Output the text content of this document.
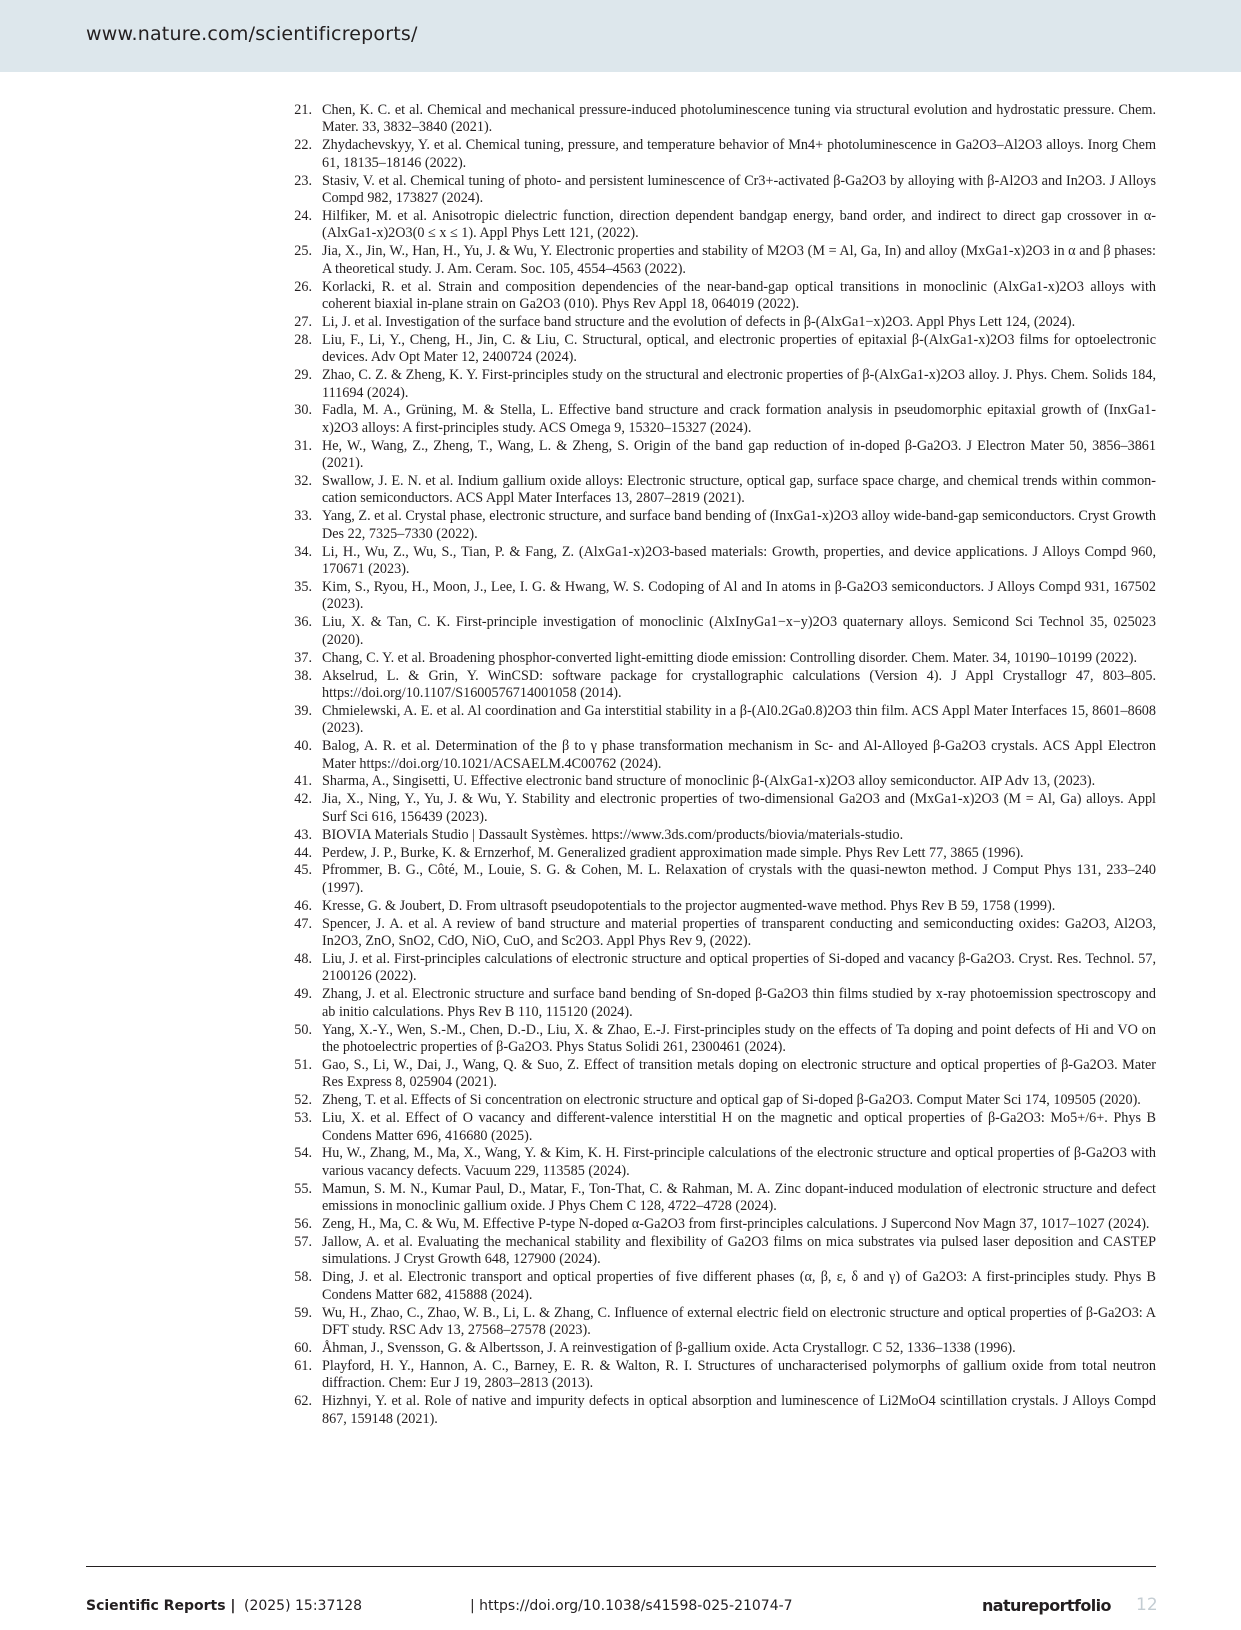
www.nature.com/scientificreports/
21. Chen, K. C. et al. Chemical and mechanical pressure-induced photoluminescence tuning via structural evolution and hydrostatic pressure. Chem. Mater. 33, 3832–3840 (2021).
22. Zhydachevskyy, Y. et al. Chemical tuning, pressure, and temperature behavior of Mn4+ photoluminescence in Ga2O3–Al2O3 alloys. Inorg Chem 61, 18135–18146 (2022).
23. Stasiv, V. et al. Chemical tuning of photo- and persistent luminescence of Cr3+-activated β-Ga2O3 by alloying with β-Al2O3 and In2O3. J Alloys Compd 982, 173827 (2024).
24. Hilfiker, M. et al. Anisotropic dielectric function, direction dependent bandgap energy, band order, and indirect to direct gap crossover in α-(AlxGa1-x)2O3(0 ≤ x ≤ 1). Appl Phys Lett 121, (2022).
25. Jia, X., Jin, W., Han, H., Yu, J. & Wu, Y. Electronic properties and stability of M2O3 (M = Al, Ga, In) and alloy (MxGa1-x)2O3 in α and β phases: A theoretical study. J. Am. Ceram. Soc. 105, 4554–4563 (2022).
26. Korlacki, R. et al. Strain and composition dependencies of the near-band-gap optical transitions in monoclinic (AlxGa1-x)2O3 alloys with coherent biaxial in-plane strain on Ga2O3 (010). Phys Rev Appl 18, 064019 (2022).
27. Li, J. et al. Investigation of the surface band structure and the evolution of defects in β-(AlxGa1−x)2O3. Appl Phys Lett 124, (2024).
28. Liu, F., Li, Y., Cheng, H., Jin, C. & Liu, C. Structural, optical, and electronic properties of epitaxial β-(AlxGa1-x)2O3 films for optoelectronic devices. Adv Opt Mater 12, 2400724 (2024).
29. Zhao, C. Z. & Zheng, K. Y. First-principles study on the structural and electronic properties of β-(AlxGa1-x)2O3 alloy. J. Phys. Chem. Solids 184, 111694 (2024).
30. Fadla, M. A., Grüning, M. & Stella, L. Effective band structure and crack formation analysis in pseudomorphic epitaxial growth of (InxGa1-x)2O3 alloys: A first-principles study. ACS Omega 9, 15320–15327 (2024).
31. He, W., Wang, Z., Zheng, T., Wang, L. & Zheng, S. Origin of the band gap reduction of in-doped β-Ga2O3. J Electron Mater 50, 3856–3861 (2021).
32. Swallow, J. E. N. et al. Indium gallium oxide alloys: Electronic structure, optical gap, surface space charge, and chemical trends within common-cation semiconductors. ACS Appl Mater Interfaces 13, 2807–2819 (2021).
33. Yang, Z. et al. Crystal phase, electronic structure, and surface band bending of (InxGa1-x)2O3 alloy wide-band-gap semiconductors. Cryst Growth Des 22, 7325–7330 (2022).
34. Li, H., Wu, Z., Wu, S., Tian, P. & Fang, Z. (AlxGa1-x)2O3-based materials: Growth, properties, and device applications. J Alloys Compd 960, 170671 (2023).
35. Kim, S., Ryou, H., Moon, J., Lee, I. G. & Hwang, W. S. Codoping of Al and In atoms in β-Ga2O3 semiconductors. J Alloys Compd 931, 167502 (2023).
36. Liu, X. & Tan, C. K. First-principle investigation of monoclinic (AlxInyGa1−x−y)2O3 quaternary alloys. Semicond Sci Technol 35, 025023 (2020).
37. Chang, C. Y. et al. Broadening phosphor-converted light-emitting diode emission: Controlling disorder. Chem. Mater. 34, 10190–10199 (2022).
38. Akselrud, L. & Grin, Y. WinCSD: software package for crystallographic calculations (Version 4). J Appl Crystallogr 47, 803–805. https://doi.org/10.1107/S1600576714001058 (2014).
39. Chmielewski, A. E. et al. Al coordination and Ga interstitial stability in a β-(Al0.2Ga0.8)2O3 thin film. ACS Appl Mater Interfaces 15, 8601–8608 (2023).
40. Balog, A. R. et al. Determination of the β to γ phase transformation mechanism in Sc- and Al-Alloyed β-Ga2O3 crystals. ACS Appl Electron Mater https://doi.org/10.1021/ACSAELM.4C00762 (2024).
41. Sharma, A., Singisetti, U. Effective electronic band structure of monoclinic β-(AlxGa1-x)2O3 alloy semiconductor. AIP Adv 13, (2023).
42. Jia, X., Ning, Y., Yu, J. & Wu, Y. Stability and electronic properties of two-dimensional Ga2O3 and (MxGa1-x)2O3 (M = Al, Ga) alloys. Appl Surf Sci 616, 156439 (2023).
43. BIOVIA Materials Studio | Dassault Systèmes. https://www.3ds.com/products/biovia/materials-studio.
44. Perdew, J. P., Burke, K. & Ernzerhof, M. Generalized gradient approximation made simple. Phys Rev Lett 77, 3865 (1996).
45. Pfrommer, B. G., Côté, M., Louie, S. G. & Cohen, M. L. Relaxation of crystals with the quasi-newton method. J Comput Phys 131, 233–240 (1997).
46. Kresse, G. & Joubert, D. From ultrasoft pseudopotentials to the projector augmented-wave method. Phys Rev B 59, 1758 (1999).
47. Spencer, J. A. et al. A review of band structure and material properties of transparent conducting and semiconducting oxides: Ga2O3, Al2O3, In2O3, ZnO, SnO2, CdO, NiO, CuO, and Sc2O3. Appl Phys Rev 9, (2022).
48. Liu, J. et al. First-principles calculations of electronic structure and optical properties of Si-doped and vacancy β-Ga2O3. Cryst. Res. Technol. 57, 2100126 (2022).
49. Zhang, J. et al. Electronic structure and surface band bending of Sn-doped β-Ga2O3 thin films studied by x-ray photoemission spectroscopy and ab initio calculations. Phys Rev B 110, 115120 (2024).
50. Yang, X.-Y., Wen, S.-M., Chen, D.-D., Liu, X. & Zhao, E.-J. First-principles study on the effects of Ta doping and point defects of Hi and VO on the photoelectric properties of β-Ga2O3. Phys Status Solidi 261, 2300461 (2024).
51. Gao, S., Li, W., Dai, J., Wang, Q. & Suo, Z. Effect of transition metals doping on electronic structure and optical properties of β-Ga2O3. Mater Res Express 8, 025904 (2021).
52. Zheng, T. et al. Effects of Si concentration on electronic structure and optical gap of Si-doped β-Ga2O3. Comput Mater Sci 174, 109505 (2020).
53. Liu, X. et al. Effect of O vacancy and different-valence interstitial H on the magnetic and optical properties of β-Ga2O3: Mo5+/6+. Phys B Condens Matter 696, 416680 (2025).
54. Hu, W., Zhang, M., Ma, X., Wang, Y. & Kim, K. H. First-principle calculations of the electronic structure and optical properties of β-Ga2O3 with various vacancy defects. Vacuum 229, 113585 (2024).
55. Mamun, S. M. N., Kumar Paul, D., Matar, F., Ton-That, C. & Rahman, M. A. Zinc dopant-induced modulation of electronic structure and defect emissions in monoclinic gallium oxide. J Phys Chem C 128, 4722–4728 (2024).
56. Zeng, H., Ma, C. & Wu, M. Effective P-type N-doped α-Ga2O3 from first-principles calculations. J Supercond Nov Magn 37, 1017–1027 (2024).
57. Jallow, A. et al. Evaluating the mechanical stability and flexibility of Ga2O3 films on mica substrates via pulsed laser deposition and CASTEP simulations. J Cryst Growth 648, 127900 (2024).
58. Ding, J. et al. Electronic transport and optical properties of five different phases (α, β, ε, δ and γ) of Ga2O3: A first-principles study. Phys B Condens Matter 682, 415888 (2024).
59. Wu, H., Zhao, C., Zhao, W. B., Li, L. & Zhang, C. Influence of external electric field on electronic structure and optical properties of β-Ga2O3: A DFT study. RSC Adv 13, 27568–27578 (2023).
60. Åhman, J., Svensson, G. & Albertsson, J. A reinvestigation of β-gallium oxide. Acta Crystallogr. C 52, 1336–1338 (1996).
61. Playford, H. Y., Hannon, A. C., Barney, E. R. & Walton, R. I. Structures of uncharacterised polymorphs of gallium oxide from total neutron diffraction. Chem: Eur J 19, 2803–2813 (2013).
62. Hizhnyi, Y. et al. Role of native and impurity defects in optical absorption and luminescence of Li2MoO4 scintillation crystals. J Alloys Compd 867, 159148 (2021).
Scientific Reports | (2025) 15:37128	| https://doi.org/10.1038/s41598-025-21074-7	natureportfolio 12
